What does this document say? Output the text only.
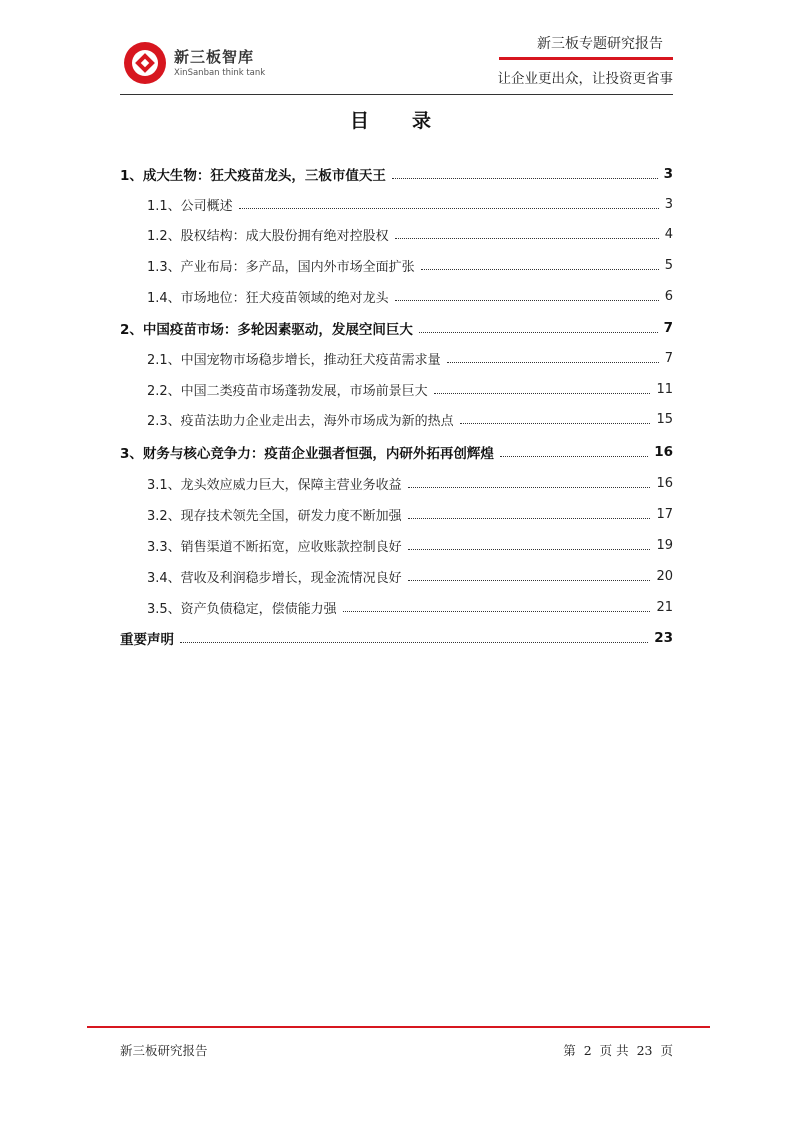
新三板智库
XinSanban think tank
新三板专题研究报告
让企业更出众，让投资更省事
目　录
1、成大生物：狂犬疫苗龙头，三板市值天王	3
1.1、公司概述	3
1.2、股权结构：成大股份拥有绝对控股权	4
1.3、产业布局：多产品，国内外市场全面扩张	5
1.4、市场地位：狂犬疫苗领域的绝对龙头	6
2、中国疫苗市场：多轮因素驱动，发展空间巨大	7
2.1、中国宠物市场稳步增长，推动狂犬疫苗需求量	7
2.2、中国二类疫苗市场蓬勃发展，市场前景巨大	11
2.3、疫苗法助力企业走出去，海外市场成为新的热点	15
3、财务与核心竞争力：疫苗企业强者恒强，内研外拓再创辉煌	16
3.1、龙头效应威力巨大，保障主营业务收益	16
3.2、现存技术领先全国，研发力度不断加强	17
3.3、销售渠道不断拓宽，应收账款控制良好	19
3.4、营收及利润稳步增长，现金流情况良好	20
3.5、资产负债稳定，偿债能力强	21
重要声明	23
新三板研究报告	第 2 页 共 23 页
